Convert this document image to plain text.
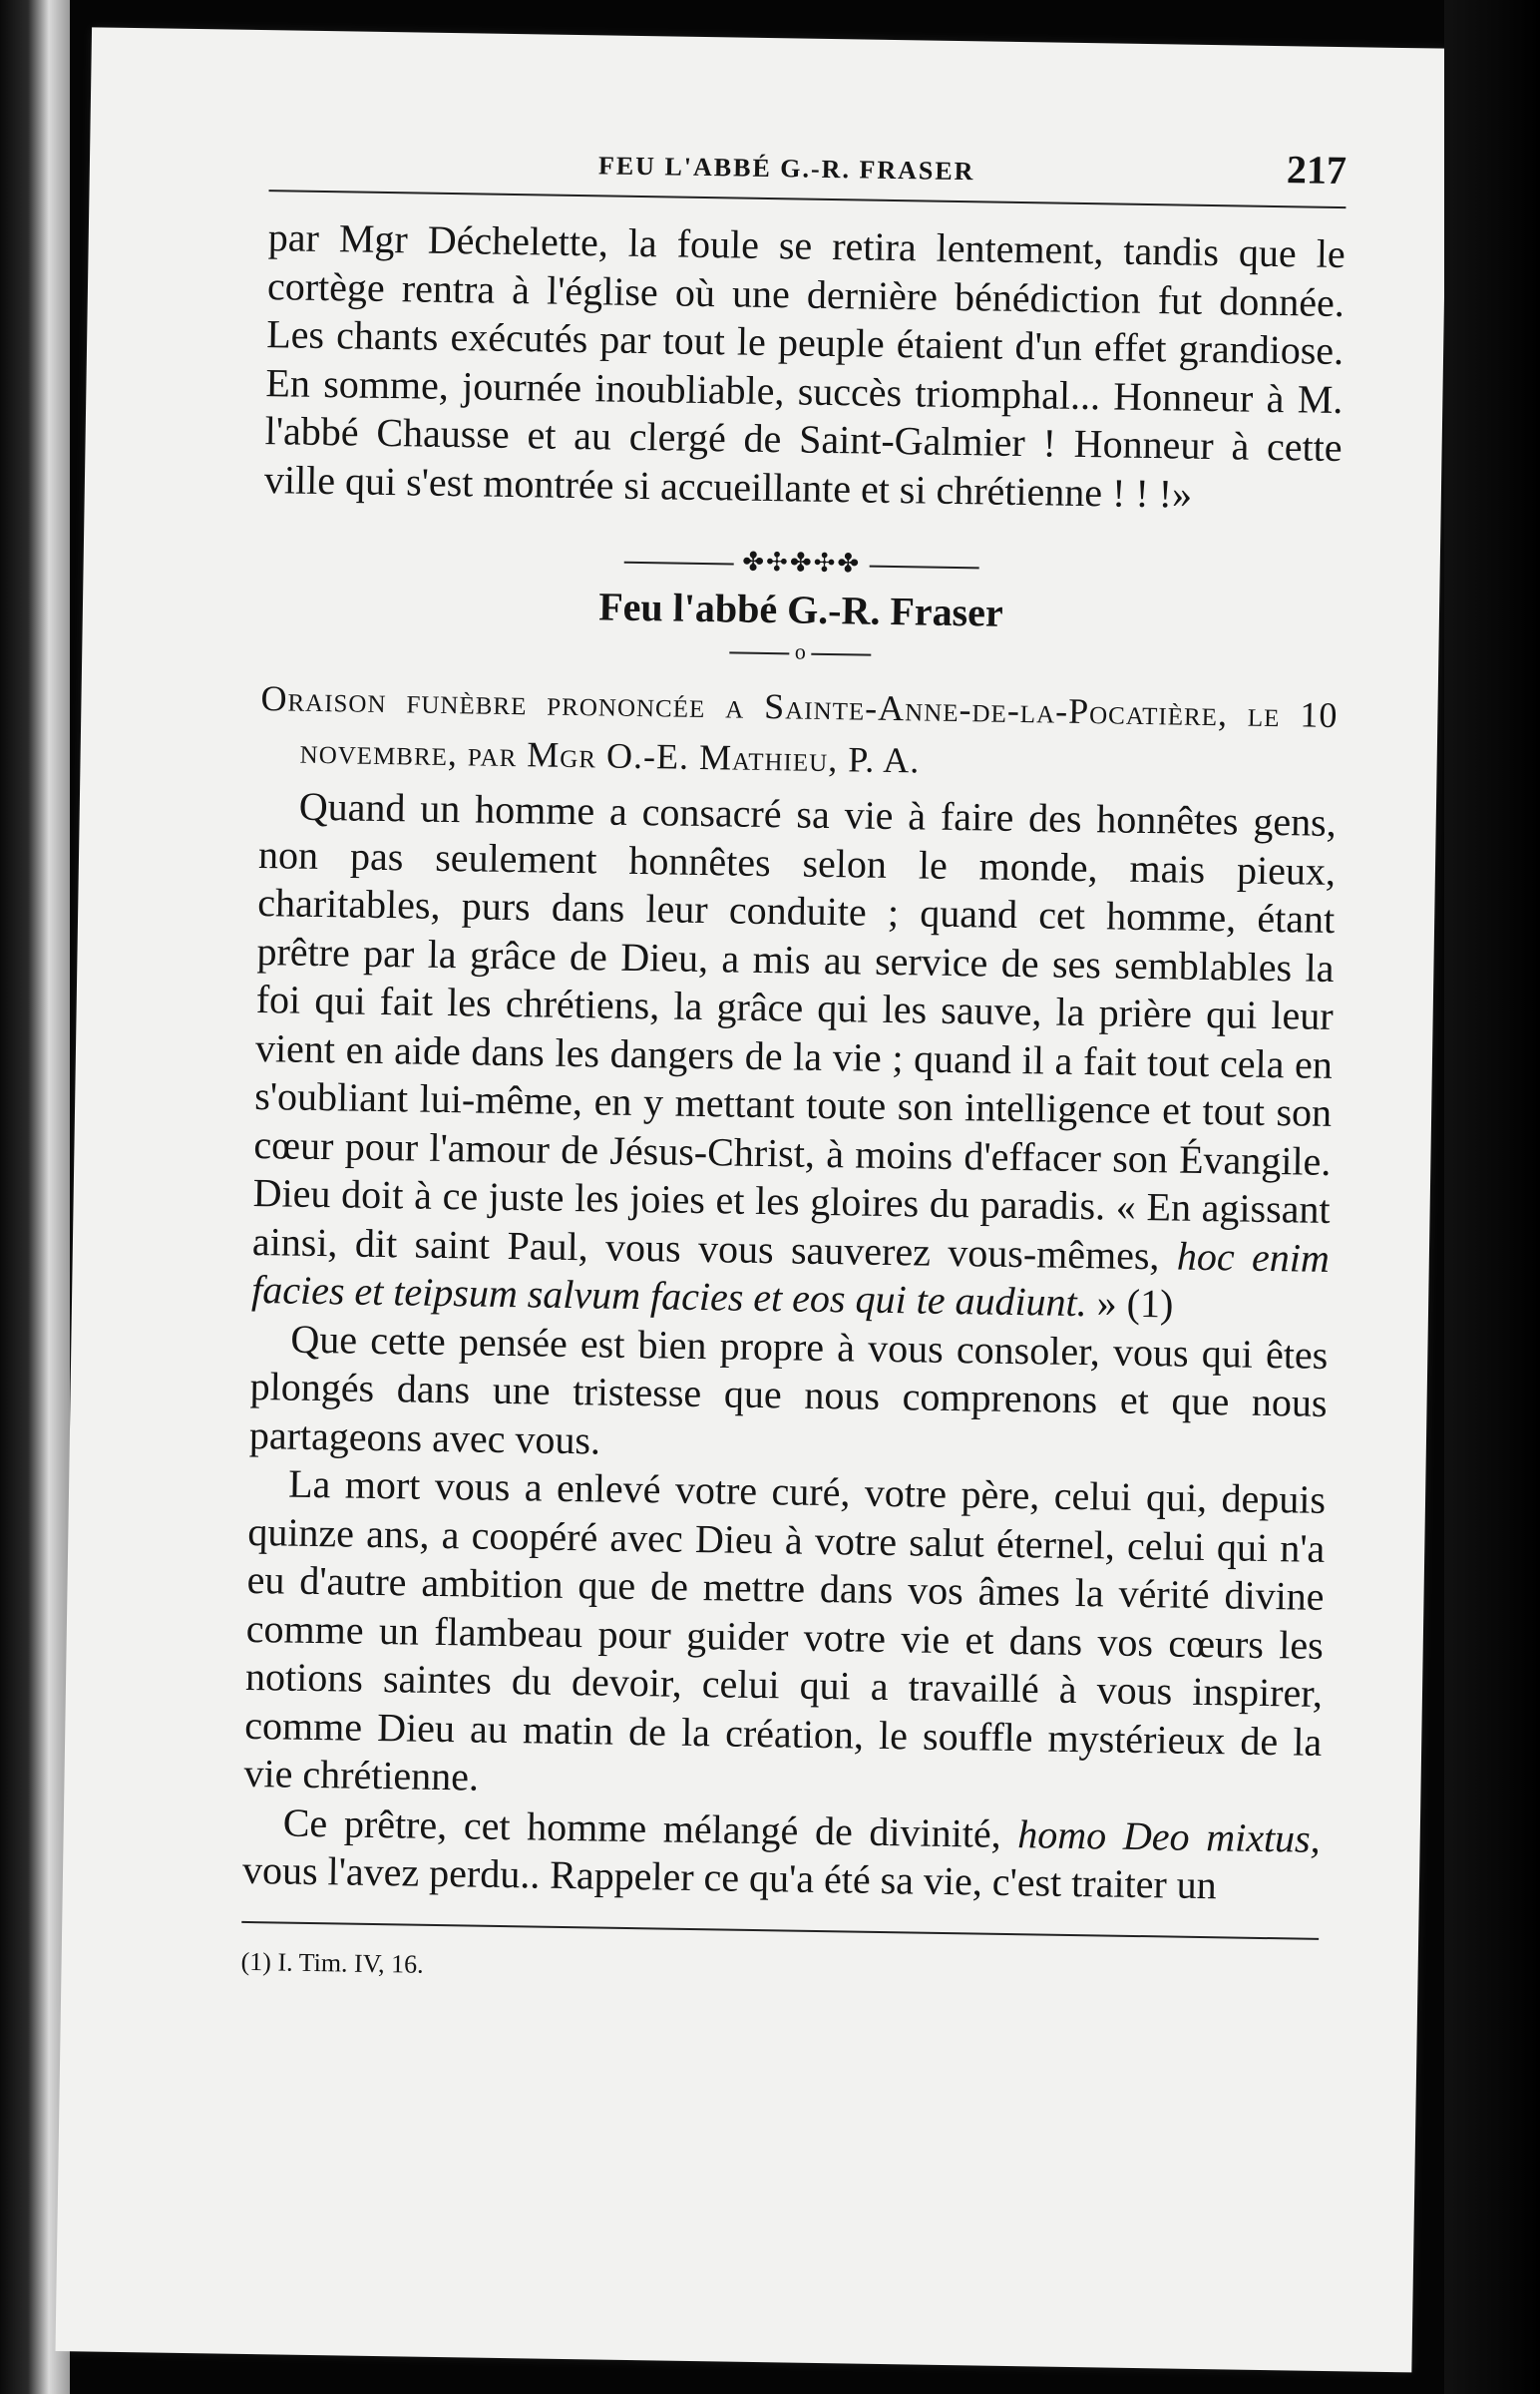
FEU L'ABBÉ G.-R. FRASER	217

par Mgr Déchelette, la foule se retira lentement, tandis que le cortège rentra à l'église où une dernière bénédiction fut donnée. Les chants exécutés par tout le peuple étaient d'un effet grandiose. En somme, journée inoubliable, succès triomphal... Honneur à M. l'abbé Chausse et au clergé de Saint-Galmier ! Honneur à cette ville qui s'est montrée si accueillante et si chrétienne ! ! !»

✤✣✤✣✤
Feu l'abbé G.-R. Fraser
o
Oraison funèbre prononcée a Sainte-Anne-de-la-Pocatière, le 10 novembre, par Mgr O.-E. Mathieu, P. A.

Quand un homme a consacré sa vie à faire des honnêtes gens, non pas seulement honnêtes selon le monde, mais pieux, charitables, purs dans leur conduite ; quand cet homme, étant prêtre par la grâce de Dieu, a mis au service de ses semblables la foi qui fait les chrétiens, la grâce qui les sauve, la prière qui leur vient en aide dans les dangers de la vie ; quand il a fait tout cela en s'oubliant lui-même, en y mettant toute son intelligence et tout son cœur pour l'amour de Jésus-Christ, à moins d'effacer son Évangile. Dieu doit à ce juste les joies et les gloires du paradis. « En agissant ainsi, dit saint Paul, vous vous sauverez vous-mêmes, hoc enim facies et teipsum salvum facies et eos qui te audiunt. » (1)

Que cette pensée est bien propre à vous consoler, vous qui êtes plongés dans une tristesse que nous comprenons et que nous partageons avec vous.

La mort vous a enlevé votre curé, votre père, celui qui, depuis quinze ans, a coopéré avec Dieu à votre salut éternel, celui qui n'a eu d'autre ambition que de mettre dans vos âmes la vérité divine comme un flambeau pour guider votre vie et dans vos cœurs les notions saintes du devoir, celui qui a travaillé à vous inspirer, comme Dieu au matin de la création, le souffle mystérieux de la vie chrétienne.

Ce prêtre, cet homme mélangé de divinité, homo Deo mixtus, vous l'avez perdu.. Rappeler ce qu'a été sa vie, c'est traiter un

(1) I. Tim. IV, 16.
